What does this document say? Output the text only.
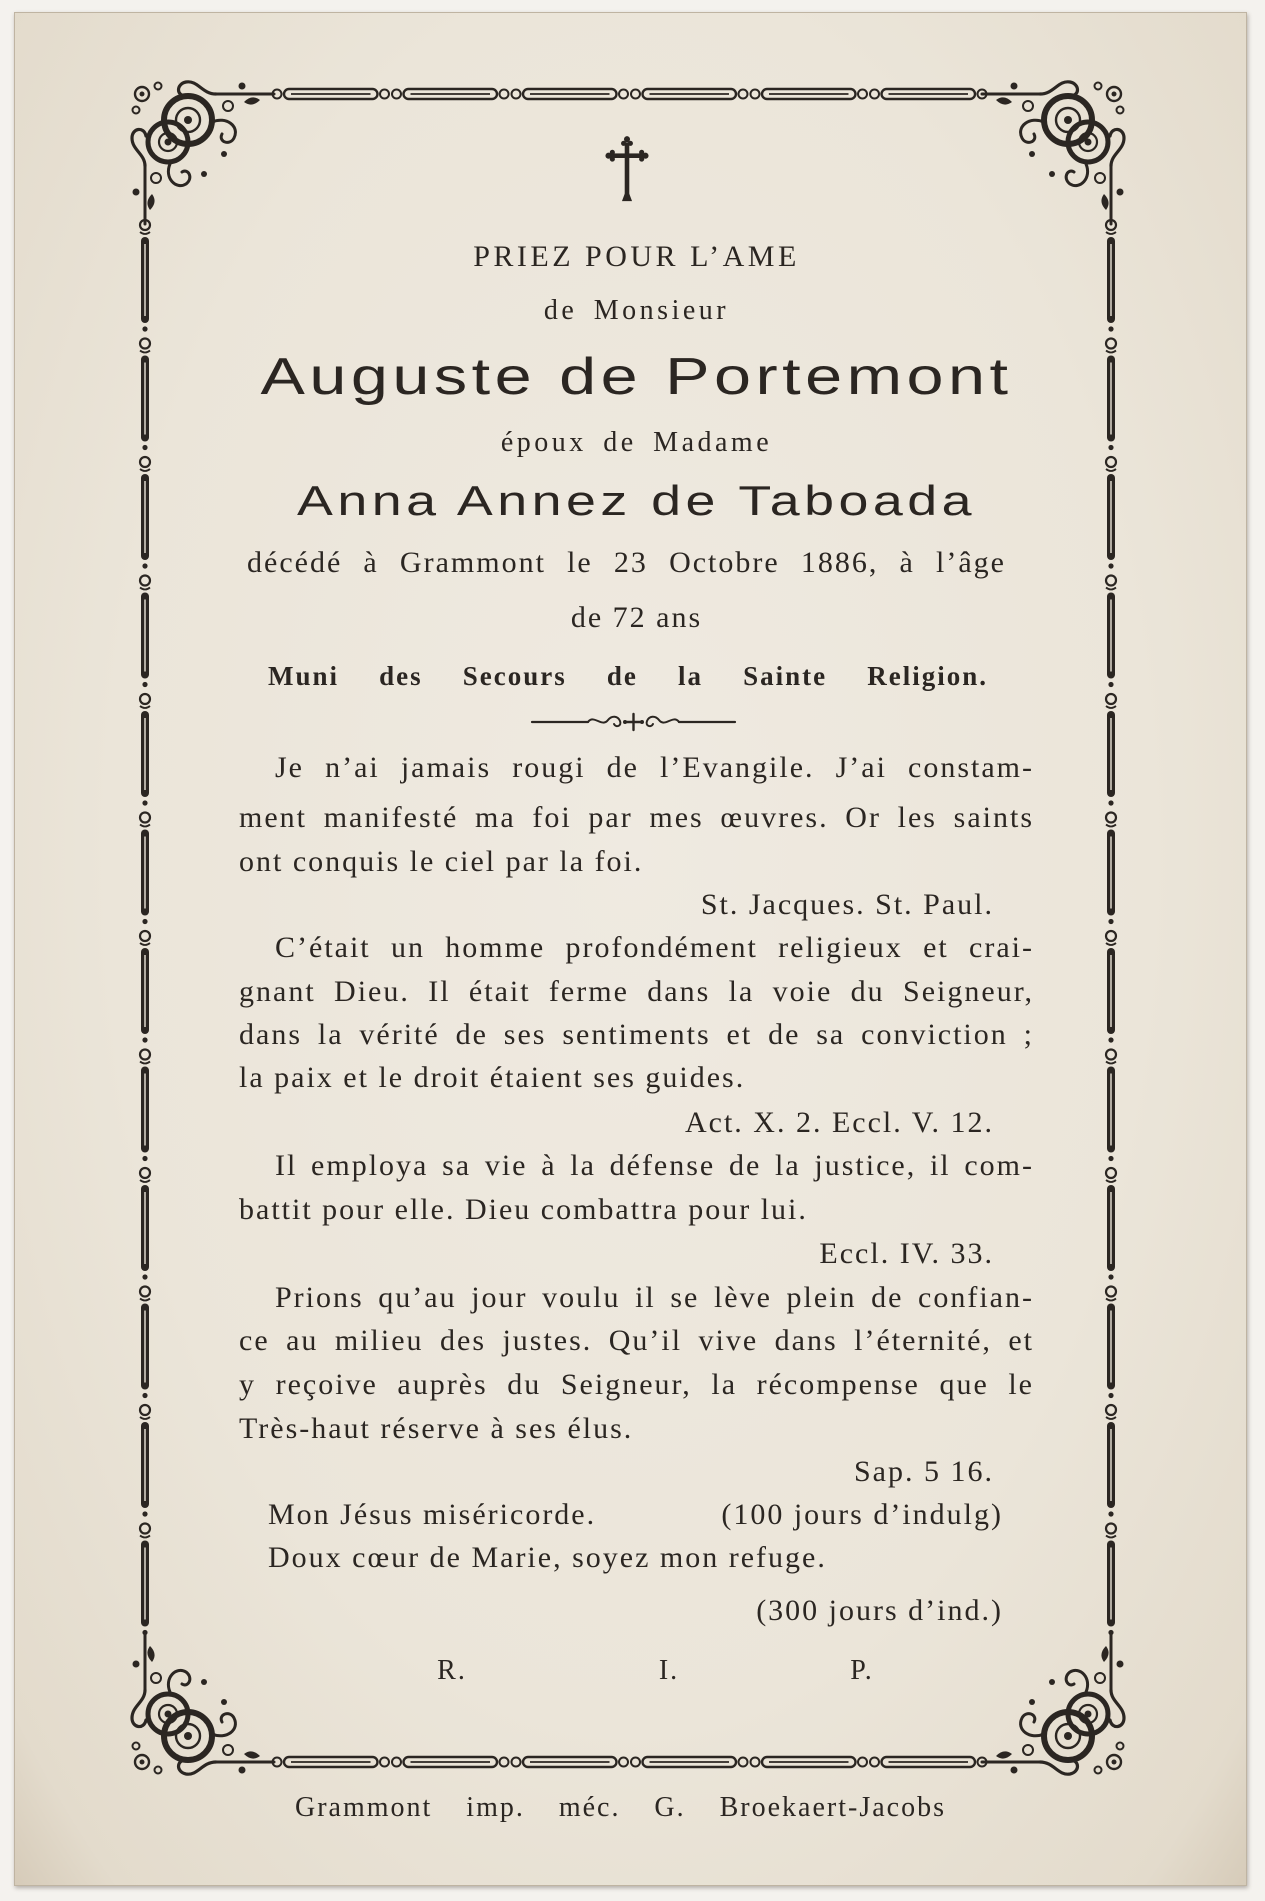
PRIEZ POUR L’AME
de Monsieur
Auguste de Portemont
époux de Madame
Anna Annez de Taboada
décédé à Grammont le 23 Octobre 1886, à l’âge
de 72 ans
Muni des Secours de la Sainte Religion.
Je n’ai jamais rougi de l’Evangile. J’ai constam-
ment manifesté ma foi par mes œuvres. Or les saints
ont conquis le ciel par la foi.
St. Jacques. St. Paul.
C’était un homme profondément religieux et crai-
gnant Dieu. Il était ferme dans la voie du Seigneur,
dans la vérité de ses sentiments et de sa conviction ;
la paix et le droit étaient ses guides.
Act. X. 2. Eccl. V. 12.
Il employa sa vie à la défense de la justice, il com-
battit pour elle. Dieu combattra pour lui.
Eccl. IV. 33.
Prions qu’au jour voulu il se lève plein de confian-
ce au milieu des justes. Qu’il vive dans l’éternité, et
y reçoive auprès du Seigneur, la récompense que le
Très-haut réserve à ses élus.
Sap. 5 16.
Mon Jésus miséricorde.	(100 jours d’indulg)
Doux cœur de Marie, soyez mon refuge.
(300 jours d’ind.)
R.	I.	P.
Grammont imp. méc. G. Broekaert-Jacobs
